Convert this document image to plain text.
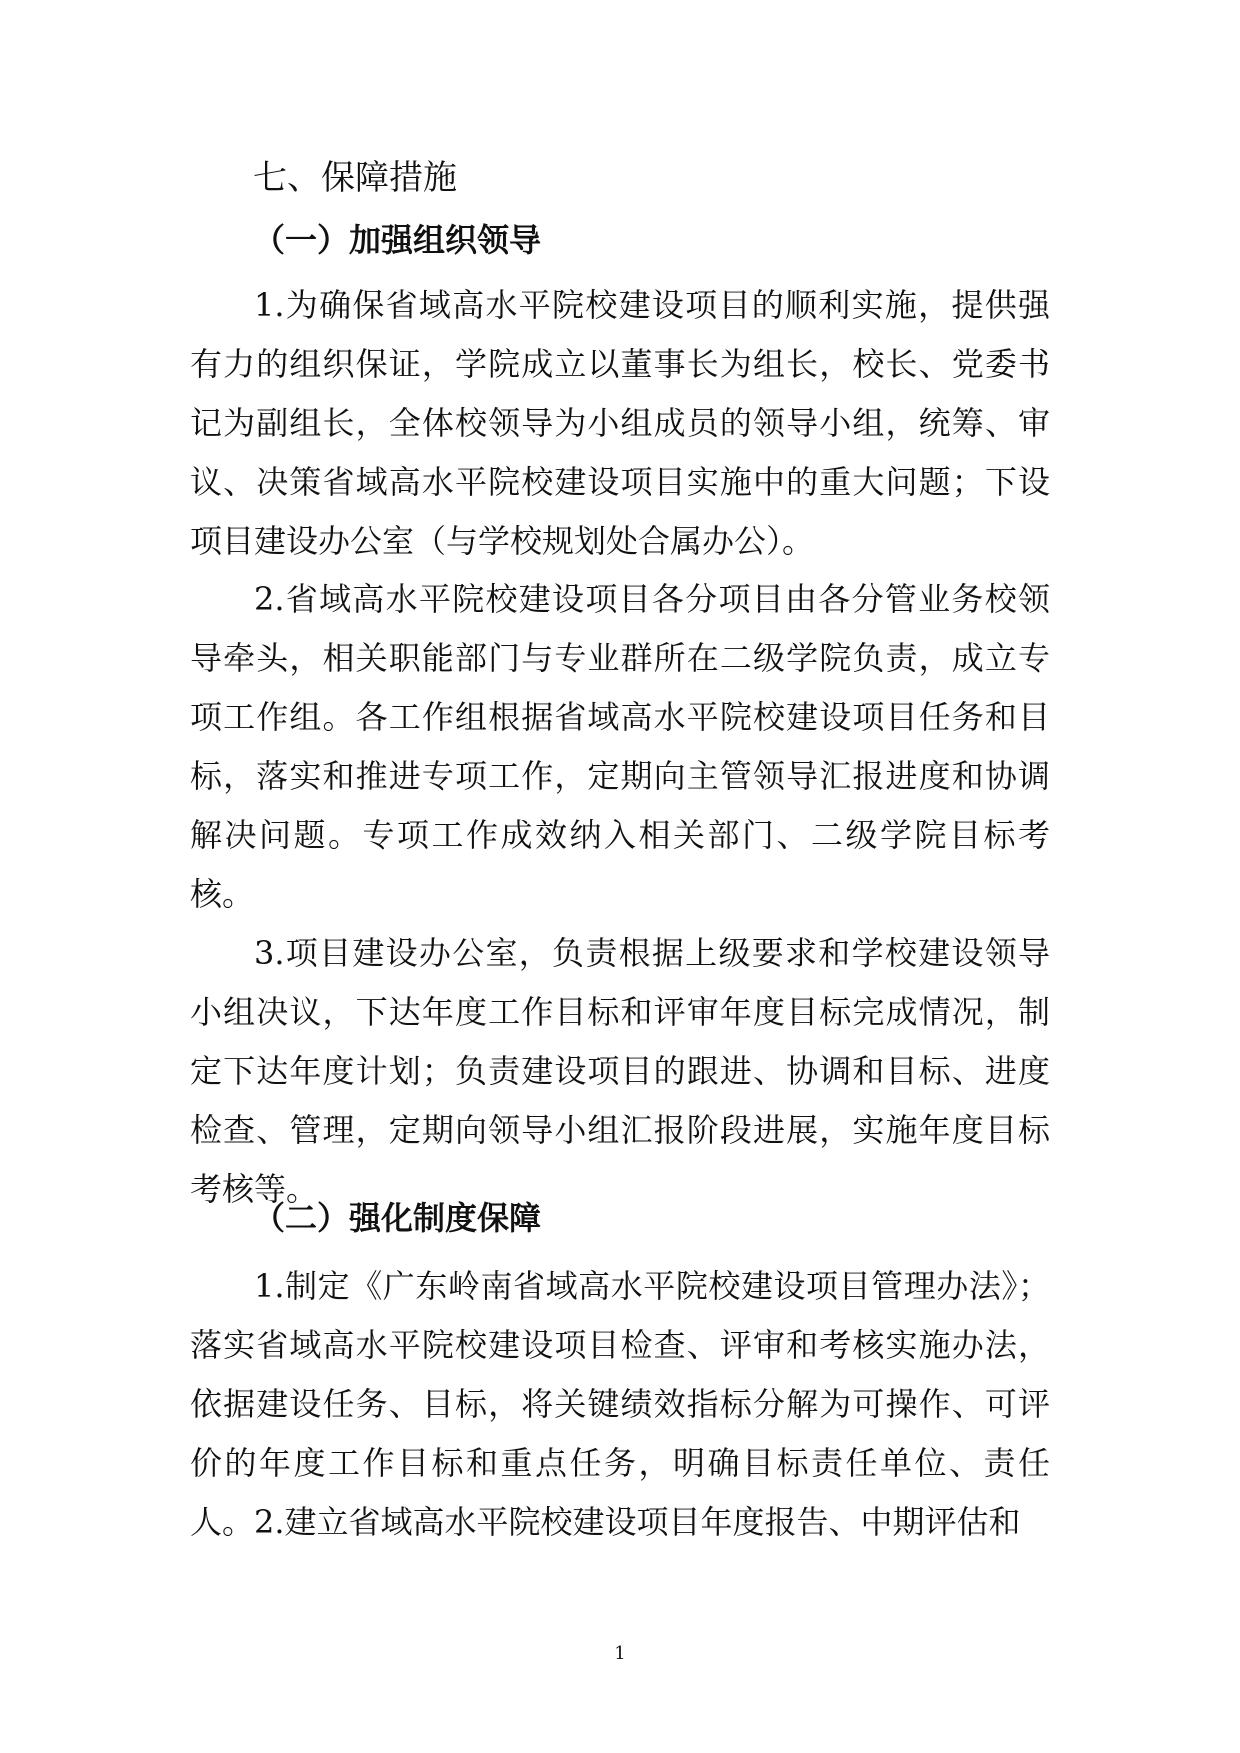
七、保障措施
（一）加强组织领导

1.为确保省域高水平院校建设项目的顺利实施，提供强有力的组织保证，学院成立以董事长为组长，校长、党委书记为副组长，全体校领导为小组成员的领导小组，统筹、审议、决策省域高水平院校建设项目实施中的重大问题；下设项目建设办公室（与学校规划处合属办公）。

2.省域高水平院校建设项目各分项目由各分管业务校领导牵头，相关职能部门与专业群所在二级学院负责，成立专项工作组。各工作组根据省域高水平院校建设项目任务和目标，落实和推进专项工作，定期向主管领导汇报进度和协调解决问题。专项工作成效纳入相关部门、二级学院目标考核。

3.项目建设办公室，负责根据上级要求和学校建设领导小组决议，下达年度工作目标和评审年度目标完成情况，制定下达年度计划；负责建设项目的跟进、协调和目标、进度检查、管理，定期向领导小组汇报阶段进展，实施年度目标考核等。

（二）强化制度保障

1.制定《广东岭南省域高水平院校建设项目管理办法》；落实省域高水平院校建设项目检查、评审和考核实施办法，依据建设任务、目标，将关键绩效指标分解为可操作、可评价的年度工作目标和重点任务，明确目标责任单位、责任人。 2.建立省域高水平院校建设项目年度报告、中期评估和

1
